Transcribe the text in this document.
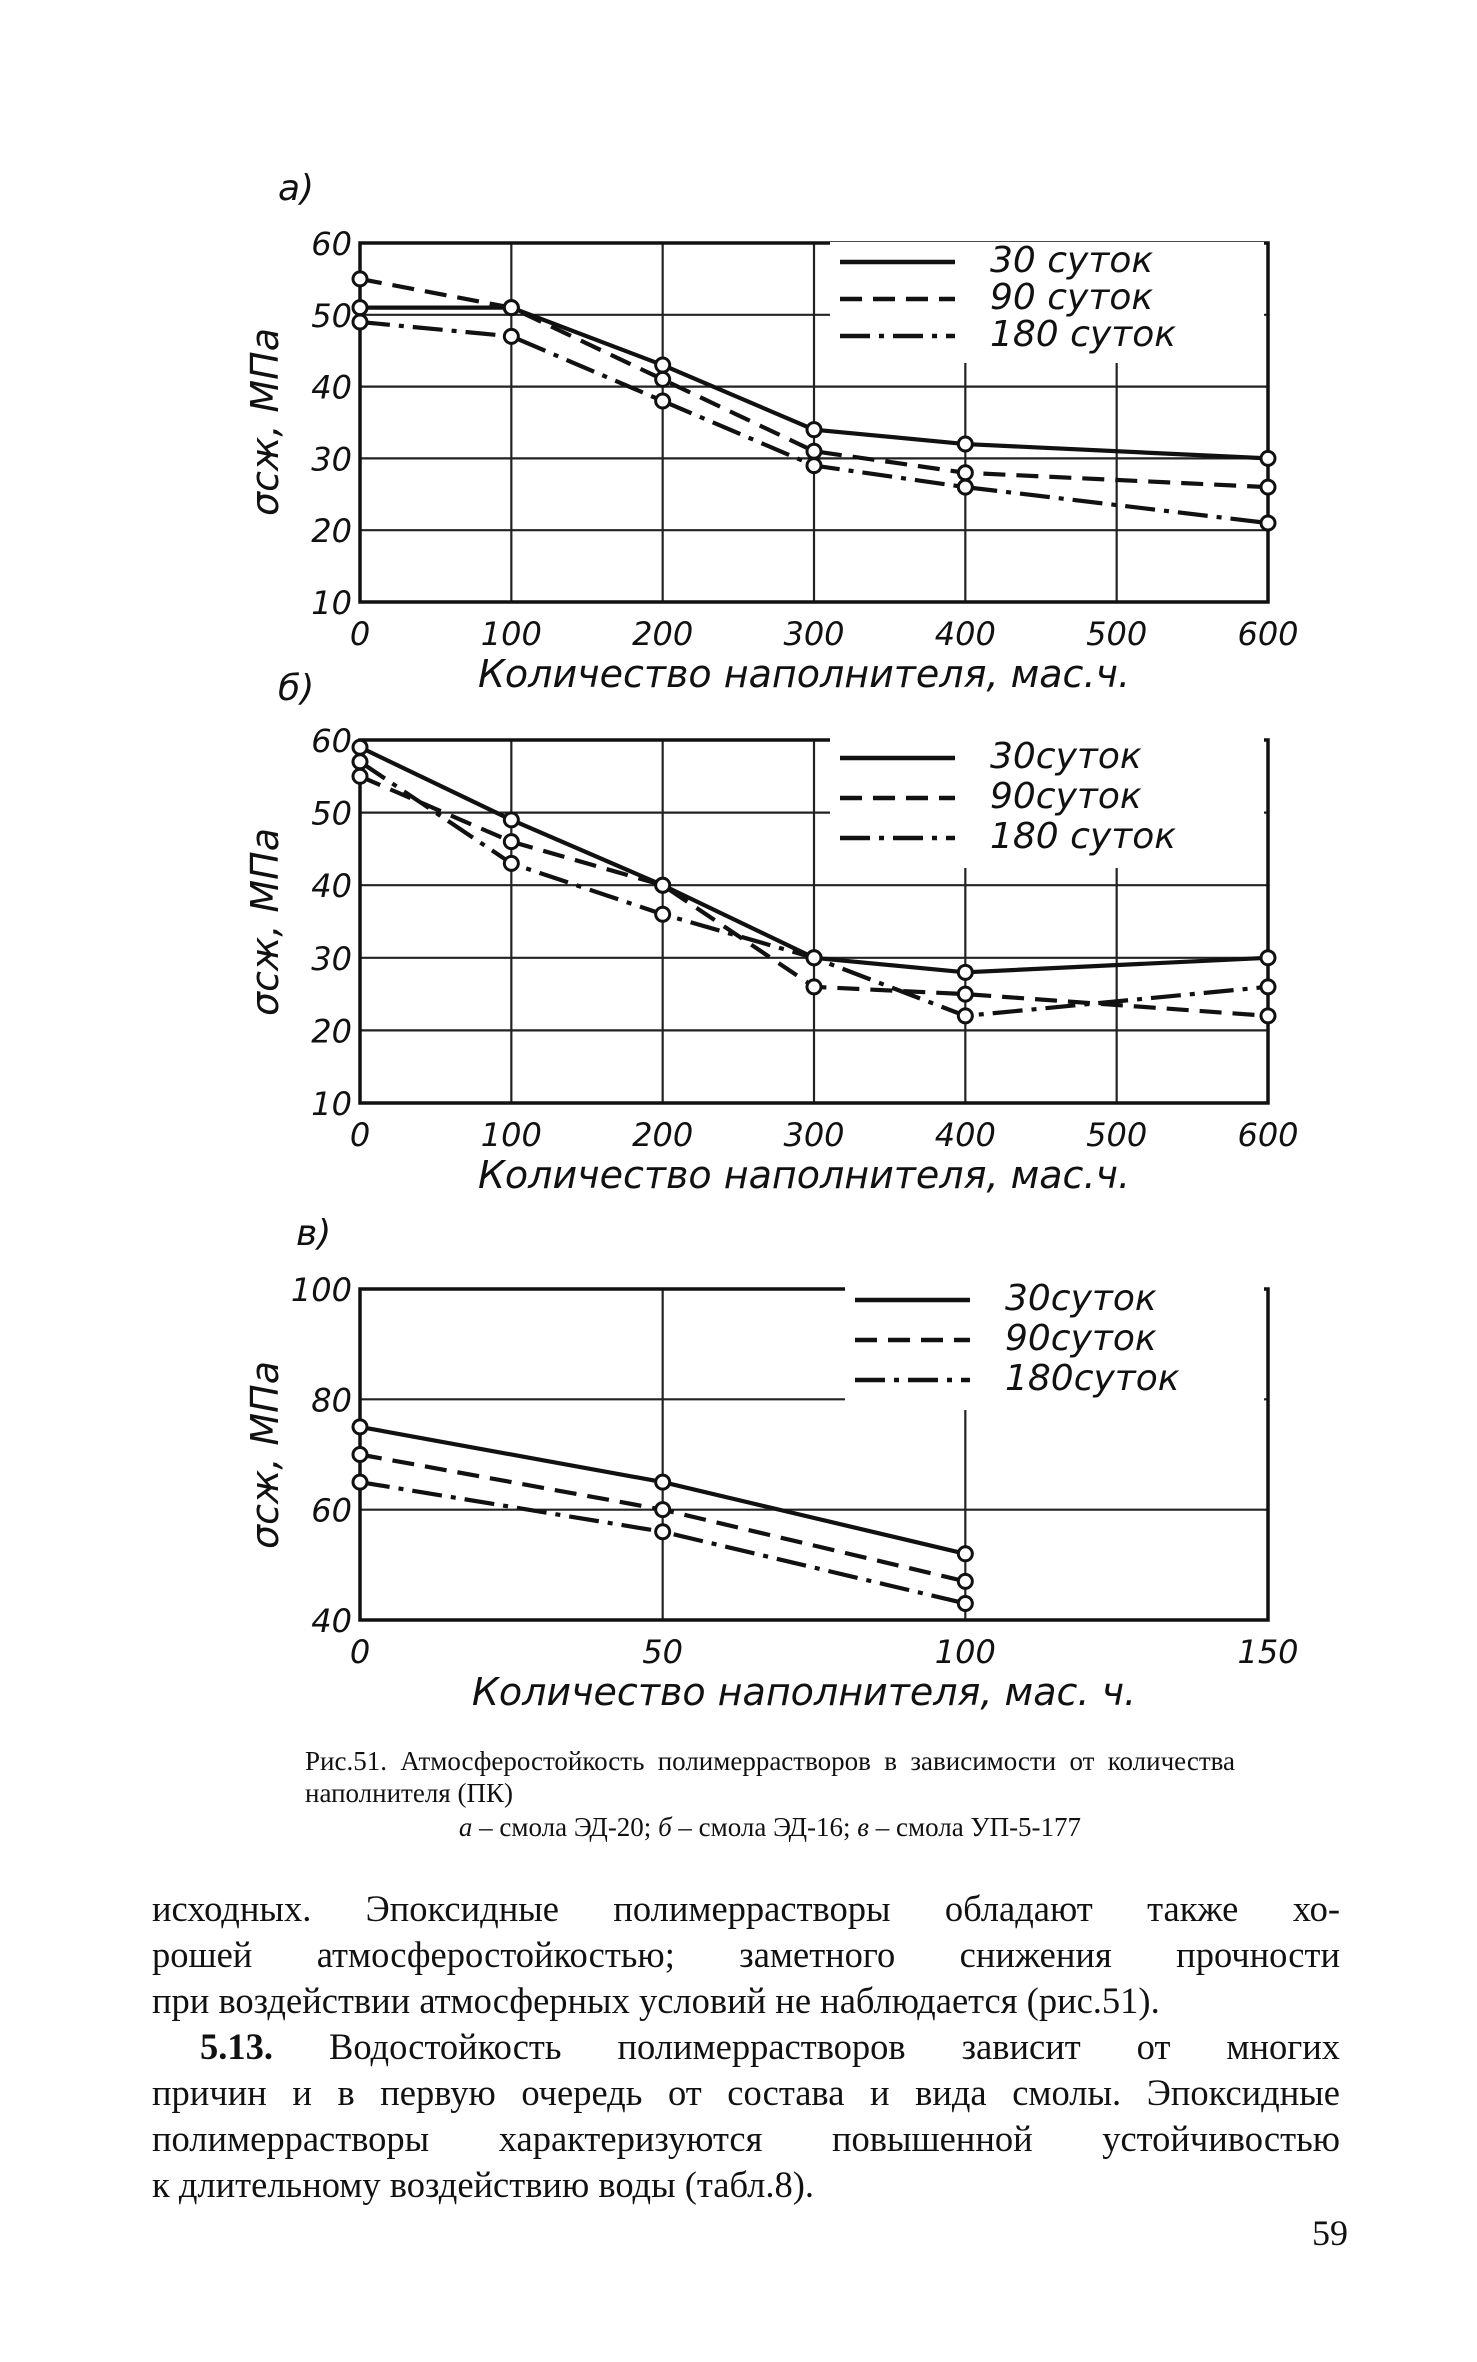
30 суток
90 суток
180 суток
0	100	200	300	400	500	600
60
50
40
30
20
10
Количество наполнителя, мас.ч.
σсж, МПа
а)
30суток
90суток
180 суток
0	100	200	300	400	500	600
60
50
40
30
20
10
Количество наполнителя, мас.ч.
σсж, МПа
б)
30суток
90суток
180суток
0	50	100	150
100
80
60
40
Количество наполнителя, мас. ч.
σсж, МПа
в)
Рис.51. Атмосферостойкость полимеррастворов в зависимости от количества наполнителя (ПК)
а – смола ЭД-20; б – смола ЭД-16; в – смола УП-5-177

исходных. Эпоксидные полимеррастворы обладают также хо-

рошей атмосферостойкостью; заметного снижения прочности

при воздействии атмосферных условий не наблюдается (рис.51).

5.13. Водостойкость полимеррастворов зависит от многих

причин и в первую очередь от состава и вида смолы. Эпоксидные

полимеррастворы характеризуются повышенной устойчивостью

к длительному воздействию воды (табл.8).

59
